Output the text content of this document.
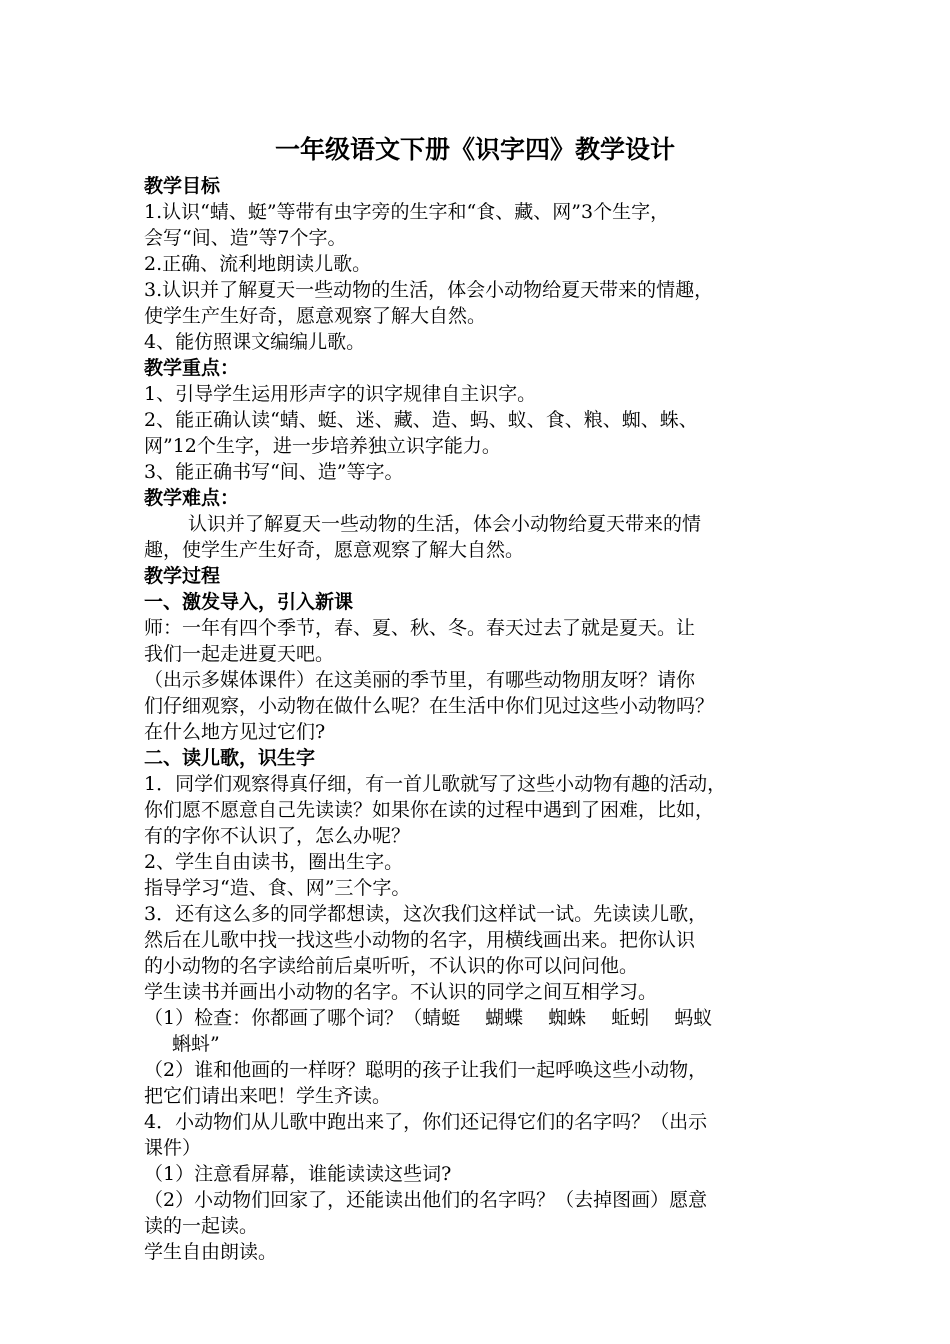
一年级语文下册《识字四》教学设计
教学目标
1.认识“蜻、蜓”等带有虫字旁的生字和“食、藏、网”3个生字，
会写“间、造”等7个字。
2.正确、流利地朗读儿歌。
3.认识并了解夏天一些动物的生活，体会小动物给夏天带来的情趣，
使学生产生好奇，愿意观察了解大自然。
4、能仿照课文编编儿歌。
教学重点：
1、引导学生运用形声字的识字规律自主识字。
2、能正确认读“蜻、蜓、迷、藏、造、蚂、蚁、食、粮、蜘、蛛、
网”12个生字，进一步培养独立识字能力。
3、能正确书写“间、造”等字。
教学难点：
认识并了解夏天一些动物的生活，体会小动物给夏天带来的情
趣，使学生产生好奇，愿意观察了解大自然。
教学过程
一、激发导入，引入新课
师：一年有四个季节，春、夏、秋、冬。春天过去了就是夏天。让
我们一起走进夏天吧。
（出示多媒体课件）在这美丽的季节里，有哪些动物朋友呀？请你
们仔细观察，小动物在做什么呢？在生活中你们见过这些小动物吗？
在什么地方见过它们?
二、读儿歌，识生字
1．同学们观察得真仔细，有一首儿歌就写了这些小动物有趣的活动，
你们愿不愿意自己先读读？如果你在读的过程中遇到了困难，比如，
有的字你不认识了，怎么办呢？
2、学生自由读书，圈出生字。
指导学习“造、食、网”三个字。
3．还有这么多的同学都想读，这次我们这样试一试。先读读儿歌，
然后在儿歌中找一找这些小动物的名字，用横线画出来。把你认识
的小动物的名字读给前后桌听听，不认识的你可以问问他。
学生读书并画出小动物的名字。不认识的同学之间互相学习。
（1）检查：你都画了哪个词？（蜻蜓　 蝴蝶　 蜘蛛　 蚯蚓　 蚂蚁
蝌蚪”
（2）谁和他画的一样呀？聪明的孩子让我们一起呼唤这些小动物，
把它们请出来吧！学生齐读。
4．小动物们从儿歌中跑出来了，你们还记得它们的名字吗？（出示
课件）
（1）注意看屏幕，谁能读读这些词?
（2）小动物们回家了，还能读出他们的名字吗？（去掉图画）愿意
读的一起读。
学生自由朗读。
